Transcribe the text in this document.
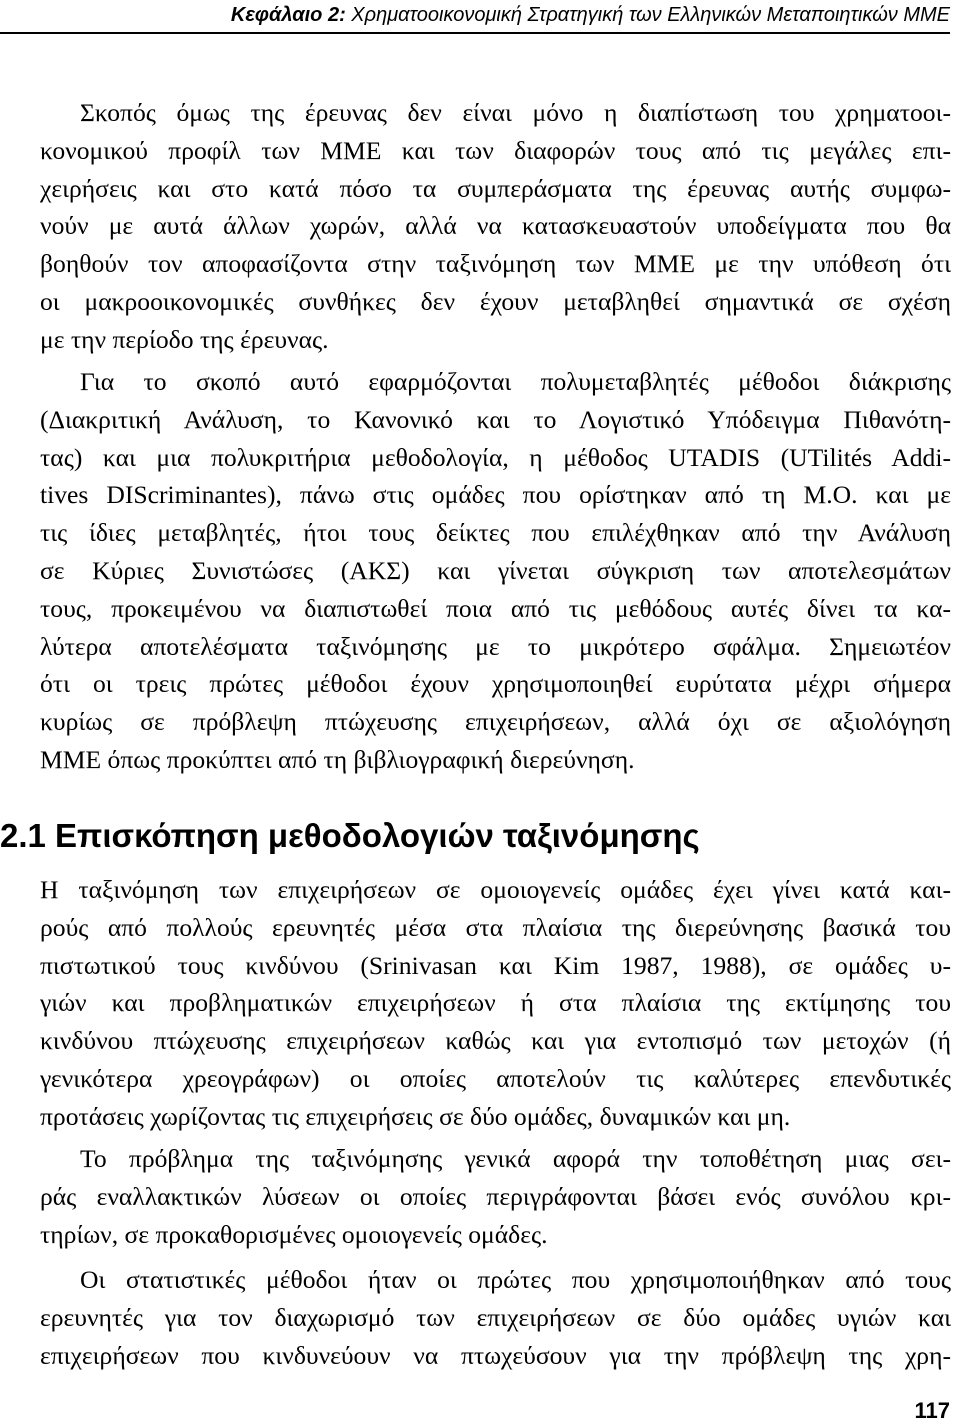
Κεφάλαιο 2: Χρηματοοικονομική Στρατηγική των Ελληνικών Μεταποιητικών ΜΜΕ
Σκοπός όμως της έρευνας δεν είναι μόνο η διαπίστωση του χρηματοοι-
κονομικού προφίλ των ΜΜΕ και των διαφορών τους από τις μεγάλες επι-
χειρήσεις και στο κατά πόσο τα συμπεράσματα της έρευνας αυτής συμφω-
νούν με αυτά άλλων χωρών, αλλά να κατασκευαστούν υποδείγματα που θα
βοηθούν τον αποφασίζοντα στην ταξινόμηση των ΜΜΕ με την υπόθεση ότι
οι μακροοικονομικές συνθήκες δεν έχουν μεταβληθεί σημαντικά σε σχέση
με την περίοδο της έρευνας.
Για το σκοπό αυτό εφαρμόζονται πολυμεταβλητές μέθοδοι διάκρισης
(Διακριτική Ανάλυση, το Κανονικό και το Λογιστικό Υπόδειγμα Πιθανότη-
τας) και μια πολυκριτήρια μεθοδολογία, η μέθοδος UTADIS (UTilités Addi-
tives DIScriminantes), πάνω στις ομάδες που ορίστηκαν από τη Μ.Ο. και με
τις ίδιες μεταβλητές, ήτοι τους δείκτες που επιλέχθηκαν από την Ανάλυση
σε Κύριες Συνιστώσες (ΑΚΣ) και γίνεται σύγκριση των αποτελεσμάτων
τους, προκειμένου να διαπιστωθεί ποια από τις μεθόδους αυτές δίνει τα κα-
λύτερα αποτελέσματα ταξινόμησης με το μικρότερο σφάλμα. Σημειωτέον
ότι οι τρεις πρώτες μέθοδοι έχουν χρησιμοποιηθεί ευρύτατα μέχρι σήμερα
κυρίως σε πρόβλεψη πτώχευσης επιχειρήσεων, αλλά όχι σε αξιολόγηση
ΜΜΕ όπως προκύπτει από τη βιβλιογραφική διερεύνηση.
2.1 Επισκόπηση μεθοδολογιών ταξινόμησης
Η ταξινόμηση των επιχειρήσεων σε ομοιογενείς ομάδες έχει γίνει κατά και-
ρούς από πολλούς ερευνητές μέσα στα πλαίσια της διερεύνησης βασικά του
πιστωτικού τους κινδύνου (Srinivasan και Kim 1987, 1988), σε ομάδες υ-
γιών και προβληματικών επιχειρήσεων ή στα πλαίσια της εκτίμησης του
κινδύνου πτώχευσης επιχειρήσεων καθώς και για εντοπισμό των μετοχών (ή
γενικότερα χρεογράφων) οι οποίες αποτελούν τις καλύτερες επενδυτικές
προτάσεις χωρίζοντας τις επιχειρήσεις σε δύο ομάδες, δυναμικών και μη.
Το πρόβλημα της ταξινόμησης γενικά αφορά την τοποθέτηση μιας σει-
ράς εναλλακτικών λύσεων οι οποίες περιγράφονται βάσει ενός συνόλου κρι-
τηρίων, σε προκαθορισμένες ομοιογενείς ομάδες.
Οι στατιστικές μέθοδοι ήταν οι πρώτες που χρησιμοποιήθηκαν από τους
ερευνητές για τον διαχωρισμό των επιχειρήσεων σε δύο ομάδες υγιών και
επιχειρήσεων που κινδυνεύουν να πτωχεύσουν για την πρόβλεψη της χρη-
117
